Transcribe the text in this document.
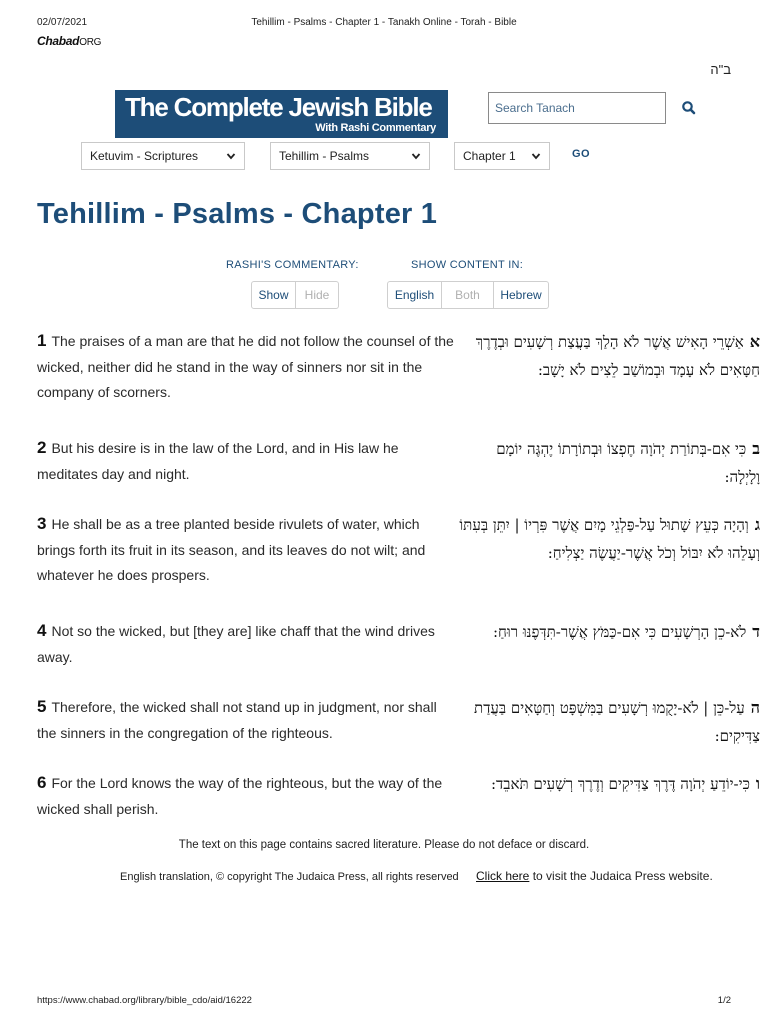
02/07/2021	Tehillim - Psalms - Chapter 1 - Tanakh Online - Torah - Bible
ChabadORG
ב"ה
The Complete Jewish Bible
With Rashi Commentary
Search Tanach
Ketuvim - Scriptures	Tehillim - Psalms	Chapter 1	GO
Tehillim - Psalms - Chapter 1
RASHI'S COMMENTARY:	SHOW CONTENT IN:
Show	Hide	English	Both	Hebrew
1 The praises of a man are that he did not follow the counsel of the wicked, neither did he stand in the way of sinners nor sit in the company of scorners.
אאַשְׁרֵי הָאִישׁ אֲשֶׁר לֹא הָלַךְ בַּעֲצַת רְשָׁעִים וּבְדֶרֶךְ חַטָּאִים לֹא עָמָד וּבְמוֹשַׁב לֵצִים לֹא יָשָׁב:
2 But his desire is in the law of the Lord, and in His law he meditates day and night.
בכִּי אִם-בְּתוֹרַת יְהֹוָה חֶפְצוֹ וּבְתוֹרָתוֹ יֶהְגֶּה יוֹמָם וָלָיְלָה:
3 He shall be as a tree planted beside rivulets of water, which brings forth its fruit in its season, and its leaves do not wilt; and whatever he does prospers.
גוְהָיָה כְּעֵץ שָׁתוּל עַל-פַּלְגֵי מָיִם אֲשֶׁר פִּרְיוֹ | יִתֵּן בְּעִתּוֹ וְעָלֵהוּ לֹא יִבּוֹל וְכֹל אֲשֶׁר-יַעֲשֶׂה יַצְלִיחַ:
4 Not so the wicked, but [they are] like chaff that the wind drives away.
דלֹא-כֵן הָרְשָׁעִים כִּי אִם-כַּמֹּץ אֲשֶׁר-תִּדְּפֶנּוּ רוּחַ:
5 Therefore, the wicked shall not stand up in judgment, nor shall the sinners in the congregation of the righteous.
העַל-כֵּן | לֹא-יָקֻמוּ רְשָׁעִים בַּמִּשְׁפָּט וְחַטָּאִים בַּעֲדַת צַדִּיקִים:
6 For the Lord knows the way of the righteous, but the way of the wicked shall perish.
וכִּי-יוֹדֵעַ יְהֹוָה דֶּרֶךְ צַדִּיקִים וְדֶרֶךְ רְשָׁעִים תֹּאבֵד:
The text on this page contains sacred literature. Please do not deface or discard.
English translation, © copyright The Judaica Press, all rights reserved Click here to visit the Judaica Press website.
https://www.chabad.org/library/bible_cdo/aid/16222	1/2
